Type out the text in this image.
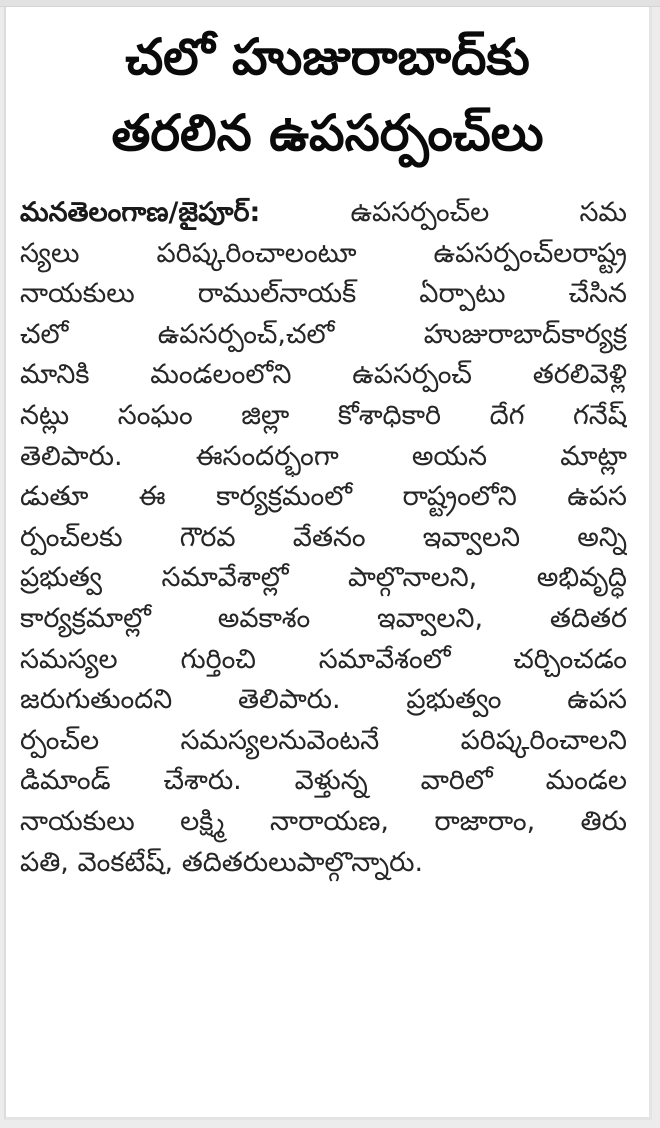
చలో హుజురాబాద్‌కు
తరలిన ఉపసర్పంచ్‌లు

మనతెలంగాణ/జైపూర్: ఉపసర్పంచ్‌ల సమ
స్యలు పరిష్కరించాలంటూ ఉపసర్పంచ్‌లరాష్ట్ర
నాయకులు రాముల్‌నాయక్ ఏర్పాటు చేసిన
చలో ఉపసర్పంచ్,చలో హుజురాబాద్‌కార్యక్ర
మానికి మండలంలోని ఉపసర్పంచ్ తరలివెళ్లి
నట్లు సంఘం జిల్లా కోశాధికారి దేగ గనేష్
తెలిపారు. ఈసందర్భంగా అయన మాట్లా
డుతూ ఈ కార్యక్రమంలో రాష్ట్రంలోని ఉపస
ర్పంచ్‌లకు గౌరవ వేతనం ఇవ్వాలని అన్ని
ప్రభుత్వ సమావేశాల్లో పాల్గొనాలని, అభివృద్ధి
కార్యక్రమాల్లో అవకాశం ఇవ్వాలని, తదితర
సమస్యల గుర్తించి సమావేశంలో చర్చించడం
జరుగుతుందని తెలిపారు. ప్రభుత్వం ఉపస
ర్పంచ్‌ల సమస్యలనువెంటనే పరిష్కరించాలని
డిమాండ్ చేశారు. వెళ్తున్న వారిలో మండల
నాయకులు లక్ష్మి నారాయణ, రాజారాం, తిరు
పతి, వెంకటేష్, తదితరులుపాల్గొన్నారు.
